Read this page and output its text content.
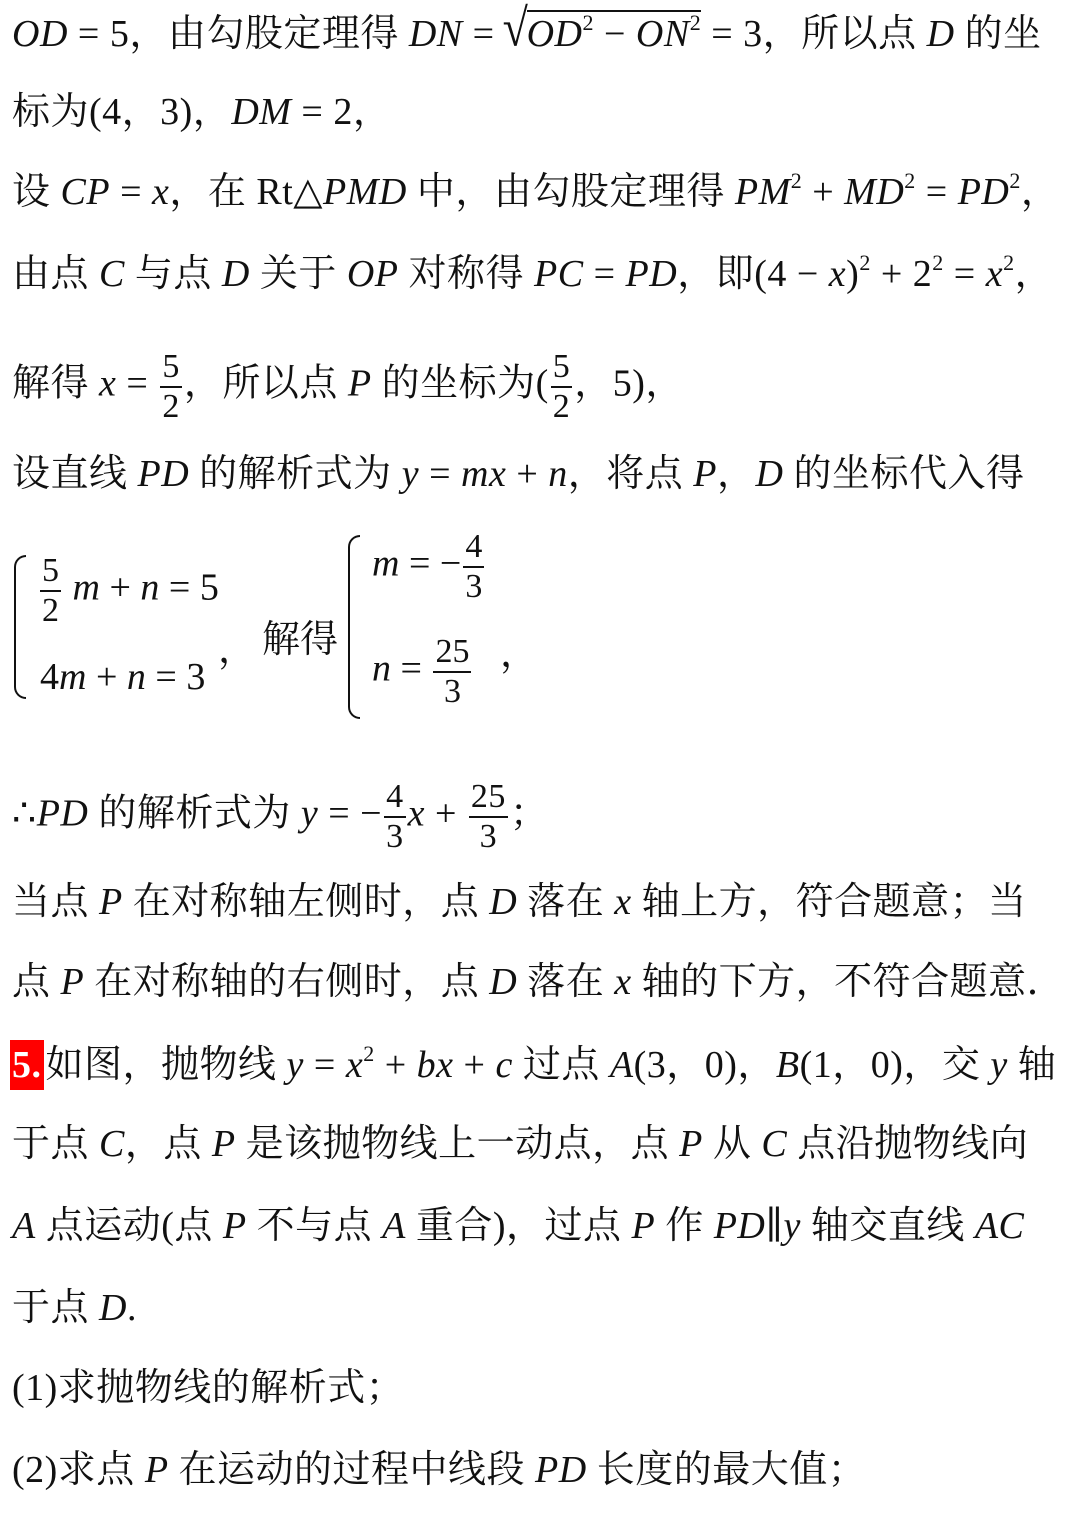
OD = 5，由勾股定理得 DN = √ $OD^2 - ON^2 = 3$，所以点 D 的坐
标为(4，3)，DM = 2，
设 CP = x，在 Rt△PMD 中，由勾股定理得 $PM^2 + MD^2 = PD^2$，
由点 C 与点 D 关于 OP 对称得 PC = PD，即$(4 - x)^2 + 2^2 = x^2$，
解得 $x = \frac{5}{2}$ ，所以点 P 的坐标为( $\frac{5}{2}$ ，5)，
设直线 PD 的解析式为 y = mx + n，将点 P，D 的坐标代入得
$\frac{5}{2}$ m + n = 5
4m + n = 3
， 解得
m = − $\frac{4}{3}$
$n = \frac{25}{3}$ ，
∴PD 的解析式为 y = − $\frac{4}{3}$ $x + \frac{25}{3}$ ；
当点 P 在对称轴左侧时，点 D 落在 x 轴上方，符合题意；当
点 P 在对称轴的右侧时，点 D 落在 x 轴的下方，不符合题意．
5. 如图，抛物线 $y = x^2$ + bx + c 过点 A(3，0)，B(1，0)，交 y 轴
于点 C，点 P 是该抛物线上一动点，点 P 从 C 点沿抛物线向
A 点运动(点 P 不与点 A 重合)，过点 P 作 PD∥y 轴交直线 AC
于点 D.
(1)求抛物线的解析式；
(2)求点 P 在运动的过程中线段 PD 长度的最大值；
